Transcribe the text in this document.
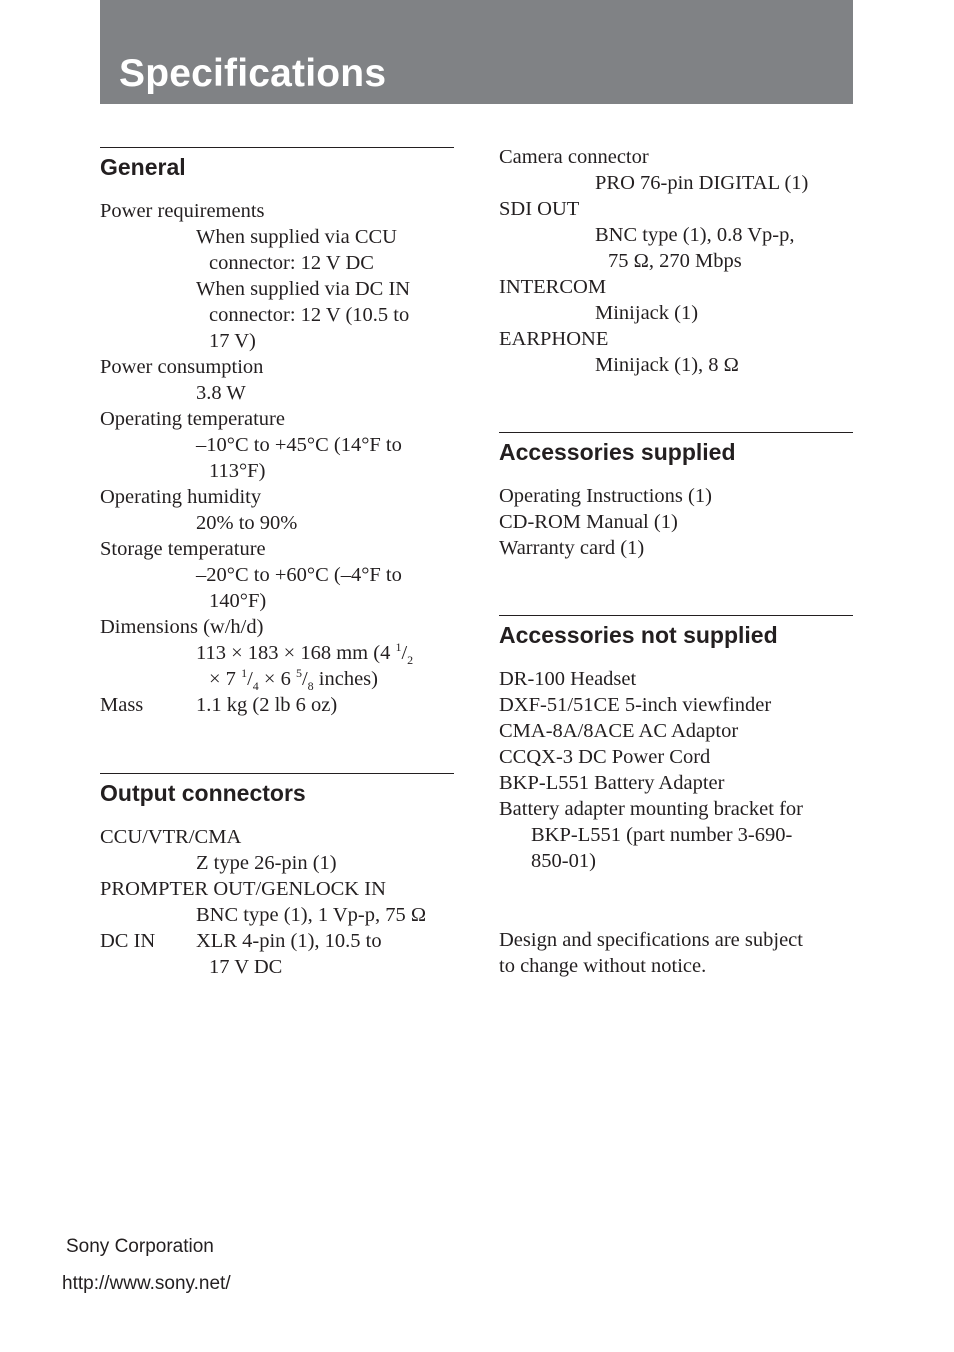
Specifications
General
Power requirements
When supplied via CCU
connector: 12 V DC
When supplied via DC IN
connector: 12 V (10.5 to
17 V)
Power consumption
3.8 W
Operating temperature
–10°C to +45°C (14°F to
113°F)
Operating humidity
20% to 90%
Storage temperature
–20°C to +60°C (–4°F to
140°F)
Dimensions (w/h/d)
113 × 183 × 168 mm (4 $^1/_2$
× 7 $^1/_4 \times 6$ $^5/_8$ inches)
Mass	1.1 kg (2 lb 6 oz)
Output connectors
CCU/VTR/CMA
Z type 26-pin (1)
PROMPTER OUT/GENLOCK IN
BNC type (1), 1 Vp-p, 75 Ω
DC IN XLR 4-pin (1), 10.5 to
17 V DC
Camera connector
PRO 76-pin DIGITAL (1)
SDI OUT
BNC type (1), 0.8 Vp-p,
75 Ω, 270 Mbps
INTERCOM
Minijack (1)
EARPHONE
Minijack (1), 8 Ω
Accessories supplied
Operating Instructions (1)
CD-ROM Manual (1)
Warranty card (1)
Accessories not supplied
DR-100 Headset
DXF-51/51CE 5-inch viewfinder
CMA-8A/8ACE AC Adaptor
CCQX-3 DC Power Cord
BKP-L551 Battery Adapter
Battery adapter mounting bracket for
BKP-L551 (part number 3-690-
850-01)
Design and specifications are subject
to change without notice.
Sony Corporation
http://www.sony.net/
